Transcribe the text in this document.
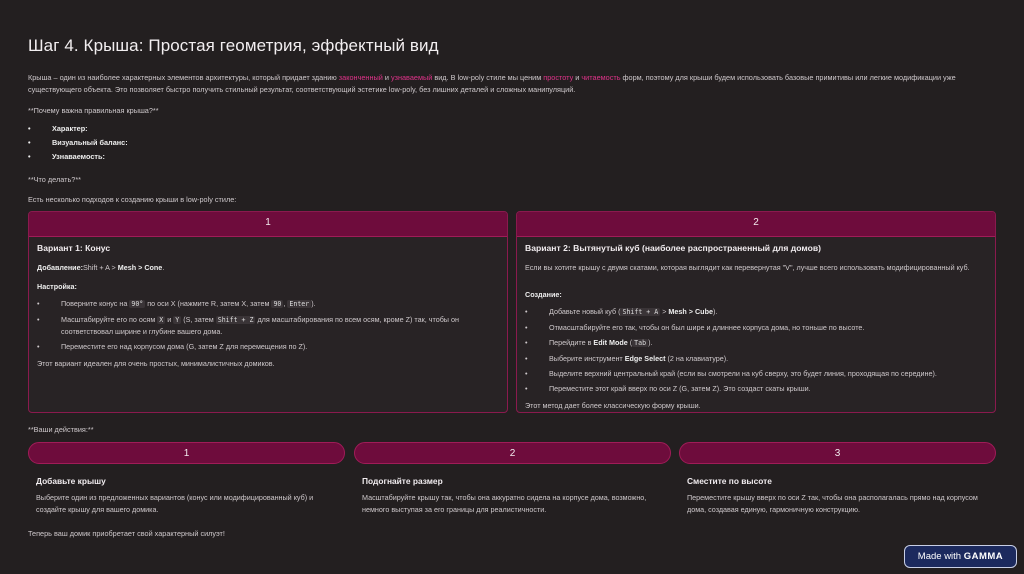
Шаг 4. Крыша: Простая геометрия, эффектный вид
Крыша – один из наиболее характерных элементов архитектуры, который придает зданию законченный и узнаваемый вид. В low-poly стиле мы ценим простоту и читаемость форм, поэтому для крыши будем использовать базовые примитивы или легкие модификации уже существующего объекта. Это позволяет быстро получить стильный результат, соответствующий эстетике low-poly, без лишних деталей и сложных манипуляций.
**Почему важна правильная крыша?**
•	Характер:
•	Визуальный баланс:
•	Узнаваемость:
**Что делать?**
Есть несколько подходов к созданию крыши в low-poly стиле:
1
Вариант 1: Конус
Добавление:Shift + A > Mesh > Cone.
Настройка:
•	Поверните конус на 90° по оси X (нажмите R, затем X, затем 90 , Enter ).
•	Масштабируйте его по осям X и Y (S, затем Shift + Z для масштабирования по всем осям, кроме Z) так, чтобы он соответствовал ширине и глубине вашего дома.
•	Переместите его над корпусом дома (G, затем Z для перемещения по Z).
Этот вариант идеален для очень простых, минималистичных домиков.
2
Вариант 2: Вытянутый куб (наиболее распространенный для домов)
Если вы хотите крышу с двумя скатами, которая выглядит как перевернутая "V", лучше всего использовать модифицированный куб.
Создание:
•	Добавьте новый куб ( Shift + A > Mesh > Cube).
•	Отмасштабируйте его так, чтобы он был шире и длиннее корпуса дома, но тоньше по высоте.
•	Перейдите в Edit Mode ( Tab ).
•	Выберите инструмент Edge Select (2 на клавиатуре).
•	Выделите верхний центральный край (если вы смотрели на куб сверху, это будет линия, проходящая по середине).
•	Переместите этот край вверх по оси Z (G, затем Z). Это создаст скаты крыши.
Этот метод дает более классическую форму крыши.
**Ваши действия:**
1
Добавьте крышу
Выберите один из предложенных вариантов (конус или модифицированный куб) и создайте крышу для вашего домика.
2
Подогнайте размер
Масштабируйте крышу так, чтобы она аккуратно сидела на корпусе дома, возможно, немного выступая за его границы для реалистичности.
3
Сместите по высоте
Переместите крышу вверх по оси Z так, чтобы она располагалась прямо над корпусом дома, создавая единую, гармоничную конструкцию.
Теперь ваш домик приобретает свой характерный силуэт!
Made with GAMMA
